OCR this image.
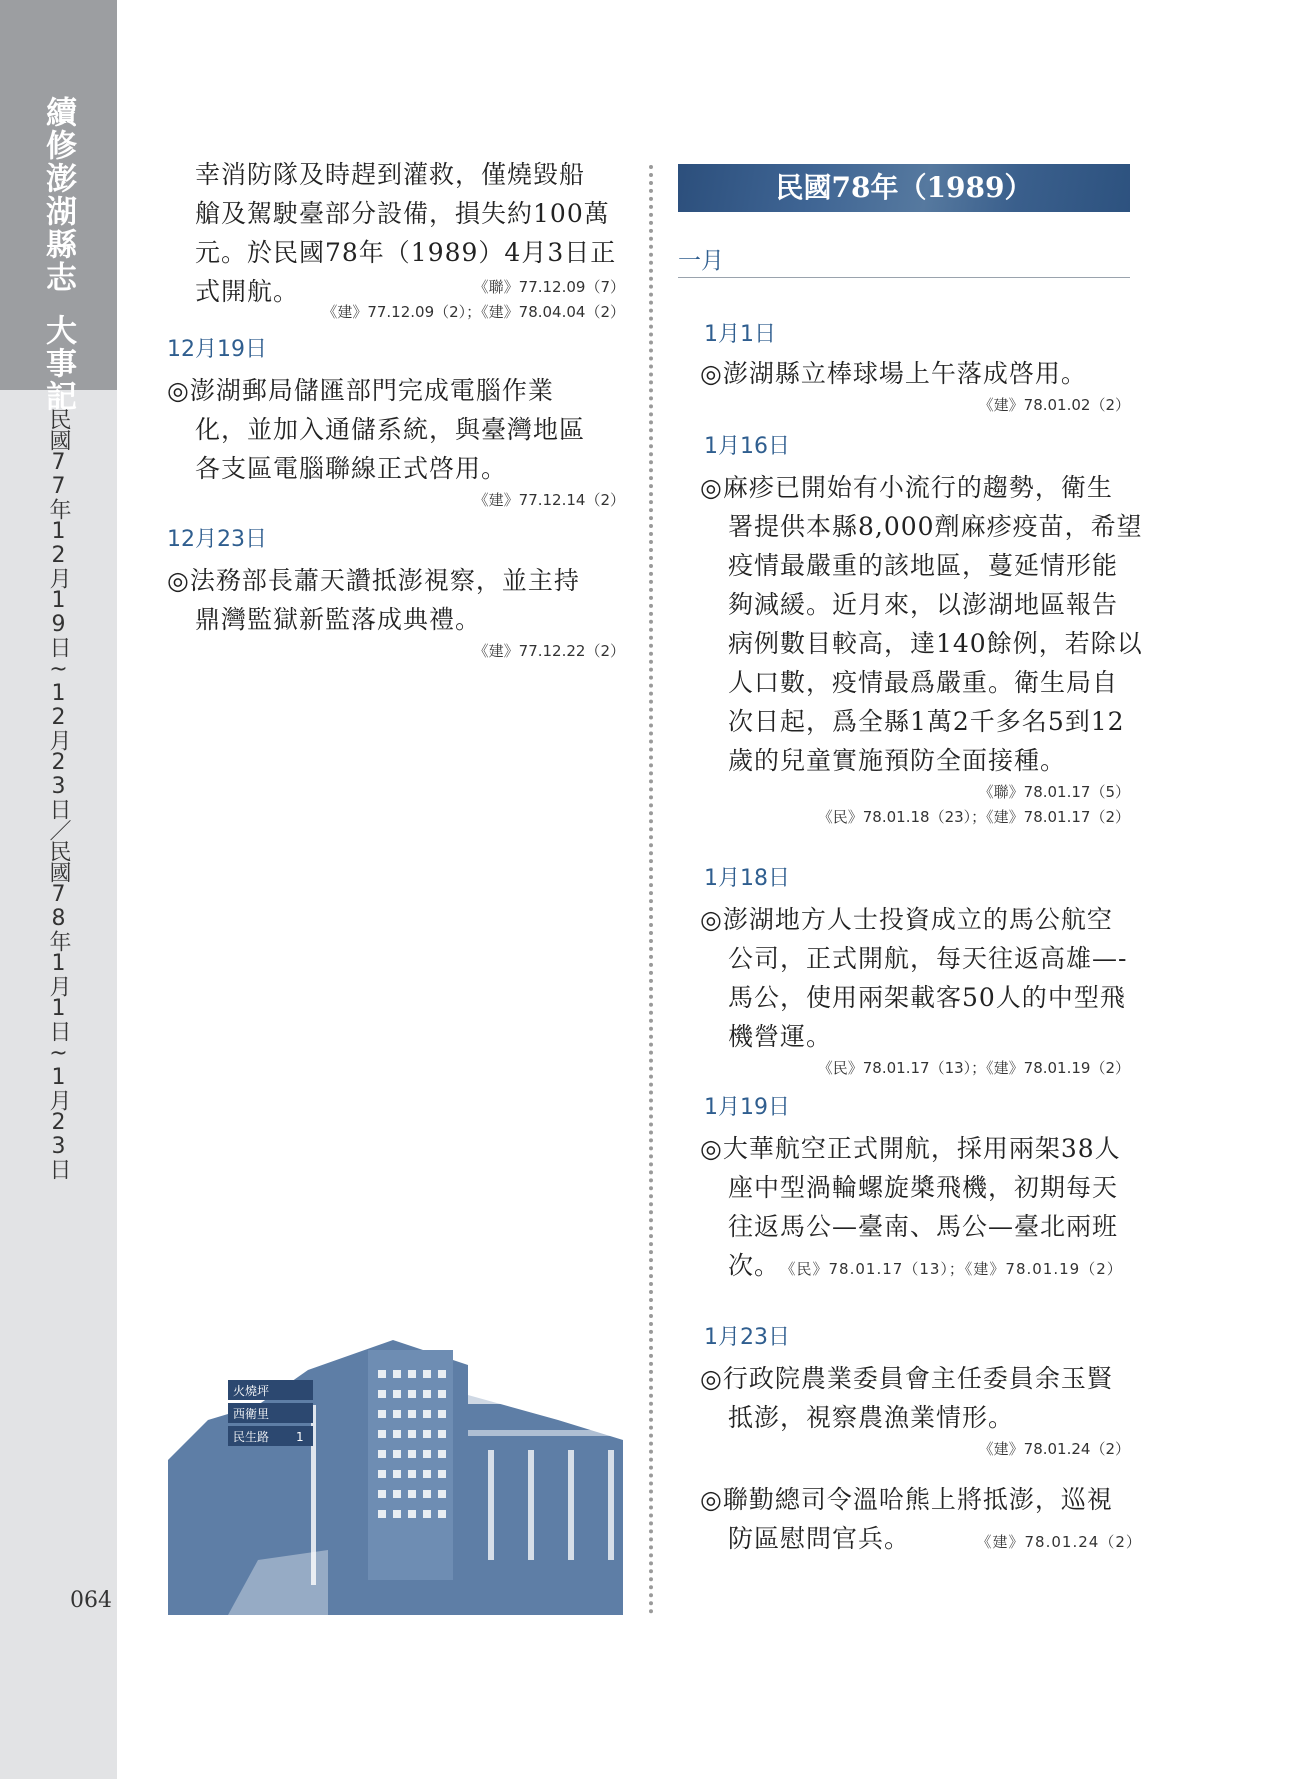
續修澎湖縣志
大事記
民國77年12月19日~12月23日／民國78年1月1日~1月23日
064
幸消防隊及時趕到灌救，僅燒毀船
艙及駕駛臺部分設備，損失約100萬
元。於民國78年（1989）4月3日正
式開航。	《聯》77.12.09（7）
《建》77.12.09（2）；《建》78.04.04（2）
12月19日
◎澎湖郵局儲匯部門完成電腦作業
化，並加入通儲系統，與臺灣地區
各支區電腦聯線正式啓用。
《建》77.12.14（2）
12月23日
◎法務部長蕭天讚抵澎視察，並主持
鼎灣監獄新監落成典禮。
《建》77.12.22（2）
火燒坪
西衛里
民生路 1
民國78年（1989）
一月
1月1日
◎澎湖縣立棒球場上午落成啓用。
《建》78.01.02（2）
1月16日
◎麻疹已開始有小流行的趨勢，衛生
署提供本縣8,000劑麻疹疫苗，希望
疫情最嚴重的該地區，蔓延情形能
夠減緩。近月來，以澎湖地區報告
病例數目較高，達140餘例，若除以
人口數，疫情最爲嚴重。衛生局自
次日起，爲全縣1萬2千多名5到12
歲的兒童實施預防全面接種。
《聯》78.01.17（5）
《民》78.01.18（23）；《建》78.01.17（2）
1月18日
◎澎湖地方人士投資成立的馬公航空
公司，正式開航，每天往返高雄—-
馬公，使用兩架載客50人的中型飛
機營運。
《民》78.01.17（13）；《建》78.01.19（2）
1月19日
◎大華航空正式開航，採用兩架38人
座中型渦輪螺旋槳飛機，初期每天
往返馬公—臺南、馬公—臺北兩班
次。 《民》78.01.17（13）；《建》78.01.19（2）
1月23日
◎行政院農業委員會主任委員余玉賢
抵澎，視察農漁業情形。
《建》78.01.24（2）
◎聯勤總司令溫哈熊上將抵澎，巡視
防區慰問官兵。	《建》78.01.24（2）
